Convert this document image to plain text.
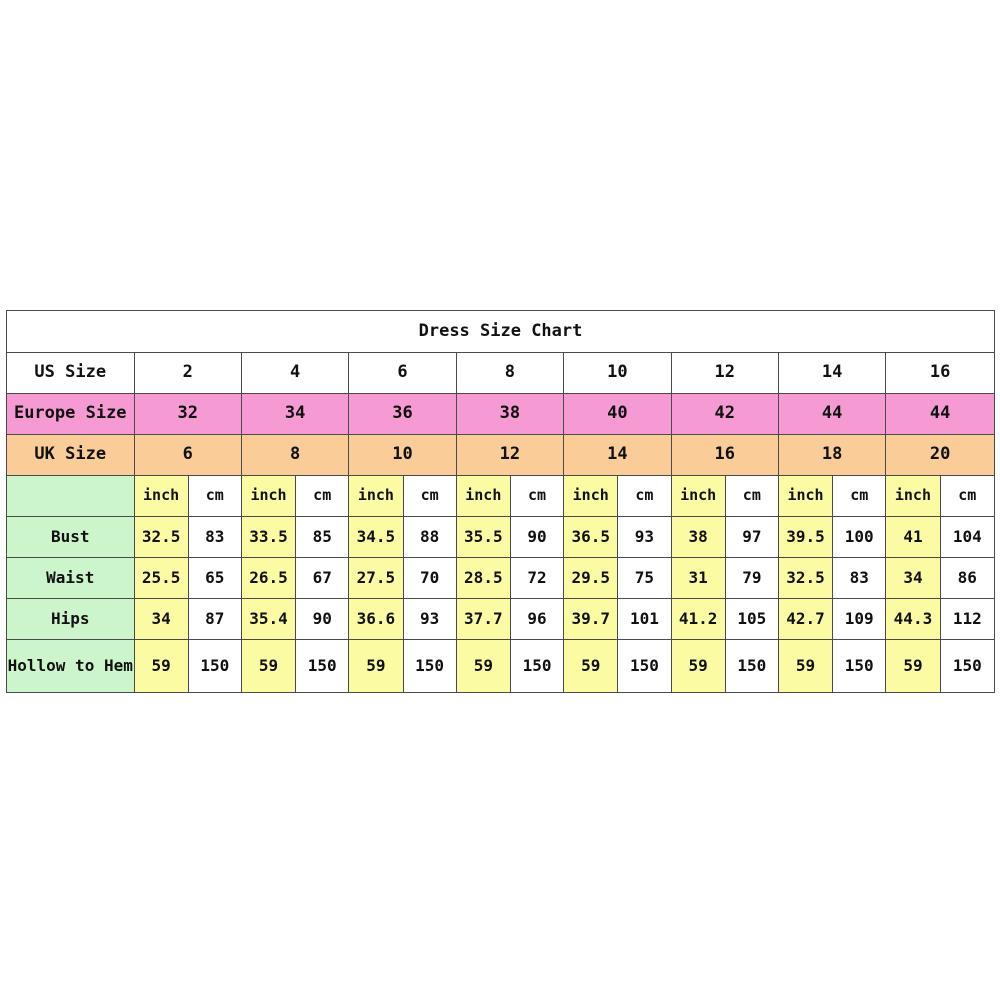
Dress Size Chart																
US Size	2		4		6		8		10		12		14		16	
Europe Size	32		34		36		38		40		42		44		44	
UK Size	6		8		10		12		14		16		18		20	
	inch	cm	inch	cm	inch	cm	inch	cm	inch	cm	inch	cm	inch	cm	inch	cm
Bust	32.5	83	33.5	85	34.5	88	35.5	90	36.5	93	38	97	39.5	100	41	104
Waist	25.5	65	26.5	67	27.5	70	28.5	72	29.5	75	31	79	32.5	83	34	86
Hips	34	87	35.4	90	36.6	93	37.7	96	39.7	101	41.2	105	42.7	109	44.3	112
Hollow to Hem	59	150	59	150	59	150	59	150	59	150	59	150	59	150	59	150
